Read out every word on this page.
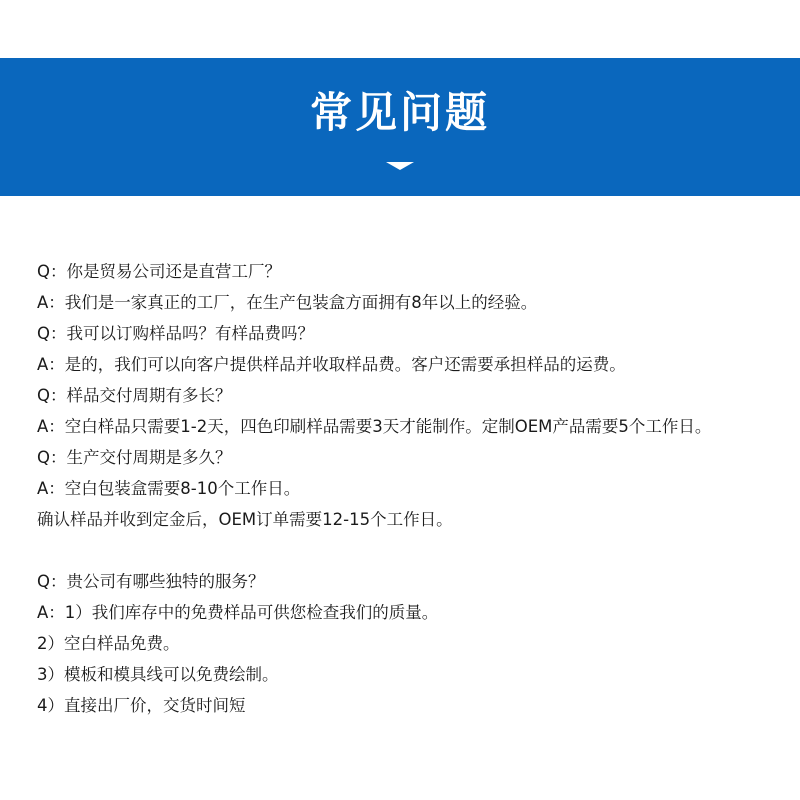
常见问题
Q：你是贸易公司还是直营工厂？
A：我们是一家真正的工厂，在生产包装盒方面拥有8年以上的经验。
Q：我可以订购样品吗？有样品费吗？
A：是的，我们可以向客户提供样品并收取样品费。客户还需要承担样品的运费。
Q：样品交付周期有多长？
A：空白样品只需要1-2天，四色印刷样品需要3天才能制作。定制OEM产品需要5个工作日。
Q：生产交付周期是多久？
A：空白包装盒需要8-10个工作日。
确认样品并收到定金后，OEM订单需要12-15个工作日。
Q：贵公司有哪些独特的服务？
A：1）我们库存中的免费样品可供您检查我们的质量。
2）空白样品免费。
3）模板和模具线可以免费绘制。
4）直接出厂价，交货时间短
